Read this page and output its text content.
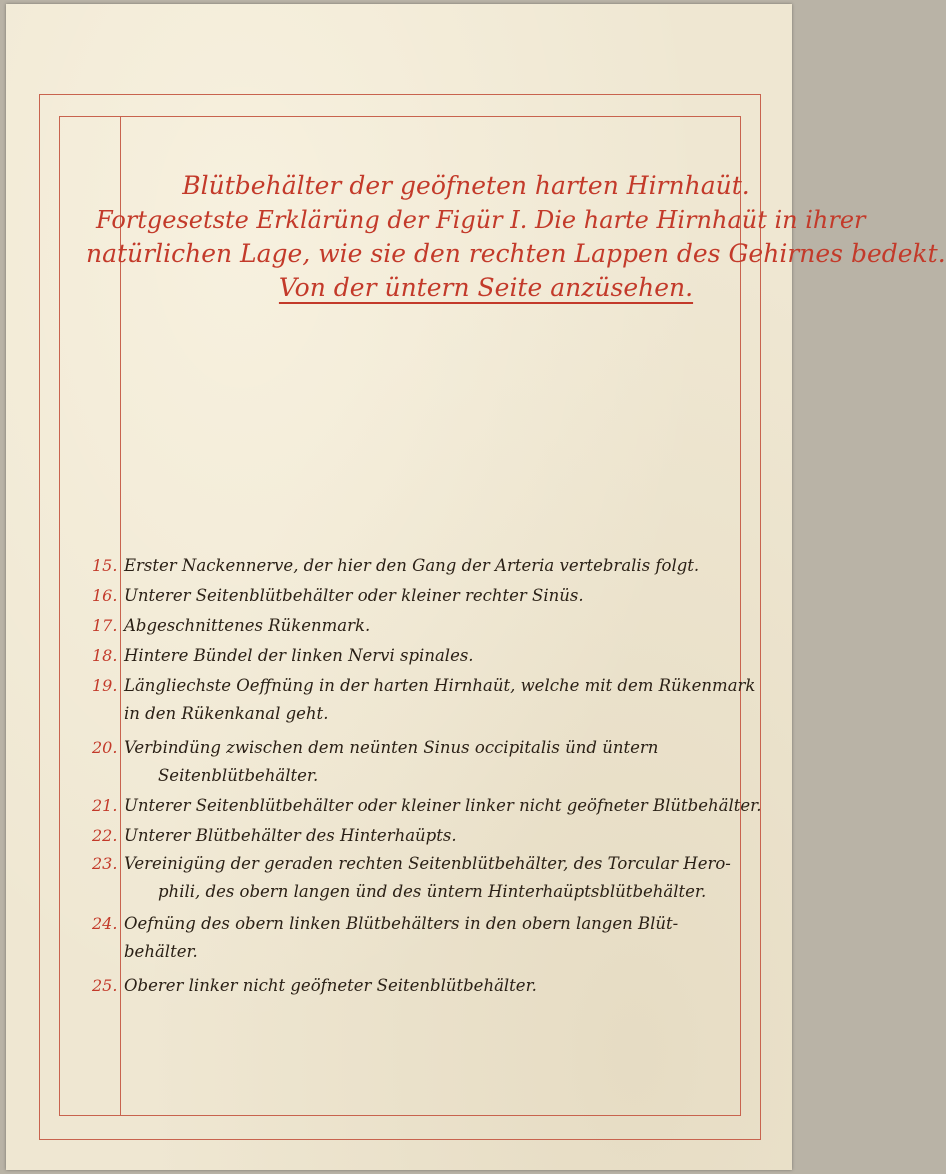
Blütbehälter der geöfneten harten Hirnhaüt.
Fortgesetste Erklärüng der Figür I. Die harte Hirnhaüt in ihrer
natürlichen Lage, wie sie den rechten Lappen des Gehirnes bedekt.
Von der üntern Seite anzüsehen.
15. Erster Nackennerve, der hier den Gang der Arteria vertebralis folgt.
16. Unterer Seitenblütbehälter oder kleiner rechter Sinüs.
17. Abgeschnittenes Rükenmark.
18. Hintere Bündel der linken Nervi spinales.
19. Längliechste Oeffnüng in der harten Hirnhaüt, welche mit dem Rükenmark
in den Rükenkanal geht.
20. Verbindüng zwischen dem neünten Sinus occipitalis ünd üntern
Seitenblütbehälter.
21. Unterer Seitenblütbehälter oder kleiner linker nicht geöfneter Blütbehälter.
22. Unterer Blütbehälter des Hinterhaüpts.
23. Vereinigüng der geraden rechten Seitenblütbehälter, des Torcular Hero-
phili, des obern langen ünd des üntern Hinterhaüptsblütbehälter.
24. Oefnüng des obern linken Blütbehälters in den obern langen Blüt-
behälter.
25. Oberer linker nicht geöfneter Seitenblütbehälter.
